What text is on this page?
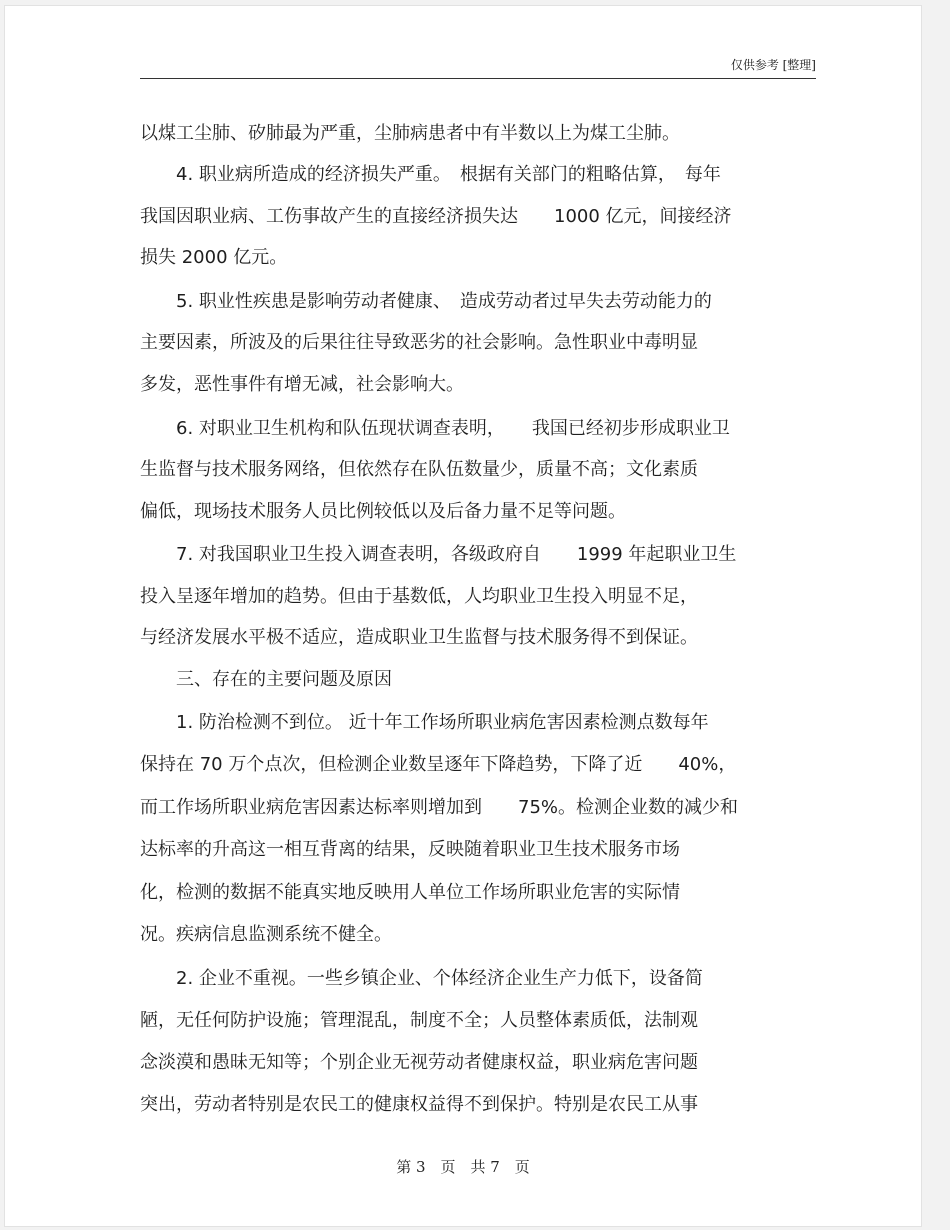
仅供参考 [整理]
以煤工尘肺、矽肺最为严重，尘肺病患者中有半数以上为煤工尘肺。
　　4. 职业病所造成的经济损失严重。　根据有关部门的粗略估算，　每年
我国因职业病、工伤事故产生的直接经济损失达　　1000 亿元，间接经济
损失 2000 亿元。
　　5. 职业性疾患是影响劳动者健康、　造成劳动者过早失去劳动能力的
主要因素，所波及的后果往往导致恶劣的社会影响。急性职业中毒明显
多发，恶性事件有增无减，社会影响大。
　　6. 对职业卫生机构和队伍现状调查表明，　　我国已经初步形成职业卫
生监督与技术服务网络，但依然存在队伍数量少，质量不高；文化素质
偏低，现场技术服务人员比例较低以及后备力量不足等问题。
　　7. 对我国职业卫生投入调查表明，各级政府自　　1999 年起职业卫生
投入呈逐年增加的趋势。但由于基数低，人均职业卫生投入明显不足，
与经济发展水平极不适应，造成职业卫生监督与技术服务得不到保证。
　　三、存在的主要问题及原因
　　1. 防治检测不到位。 近十年工作场所职业病危害因素检测点数每年
保持在 70 万个点次，但检测企业数呈逐年下降趋势，下降了近　　40%，
而工作场所职业病危害因素达标率则增加到　　75%。检测企业数的减少和
达标率的升高这一相互背离的结果，反映随着职业卫生技术服务市场
化，检测的数据不能真实地反映用人单位工作场所职业危害的实际情
况。疾病信息监测系统不健全。
　　2. 企业不重视。一些乡镇企业、个体经济企业生产力低下，设备简
陋，无任何防护设施；管理混乱，制度不全；人员整体素质低，法制观
念淡漠和愚昧无知等；个别企业无视劳动者健康权益，职业病危害问题
突出，劳动者特别是农民工的健康权益得不到保护。特别是农民工从事
第 3　页　共 7　页
